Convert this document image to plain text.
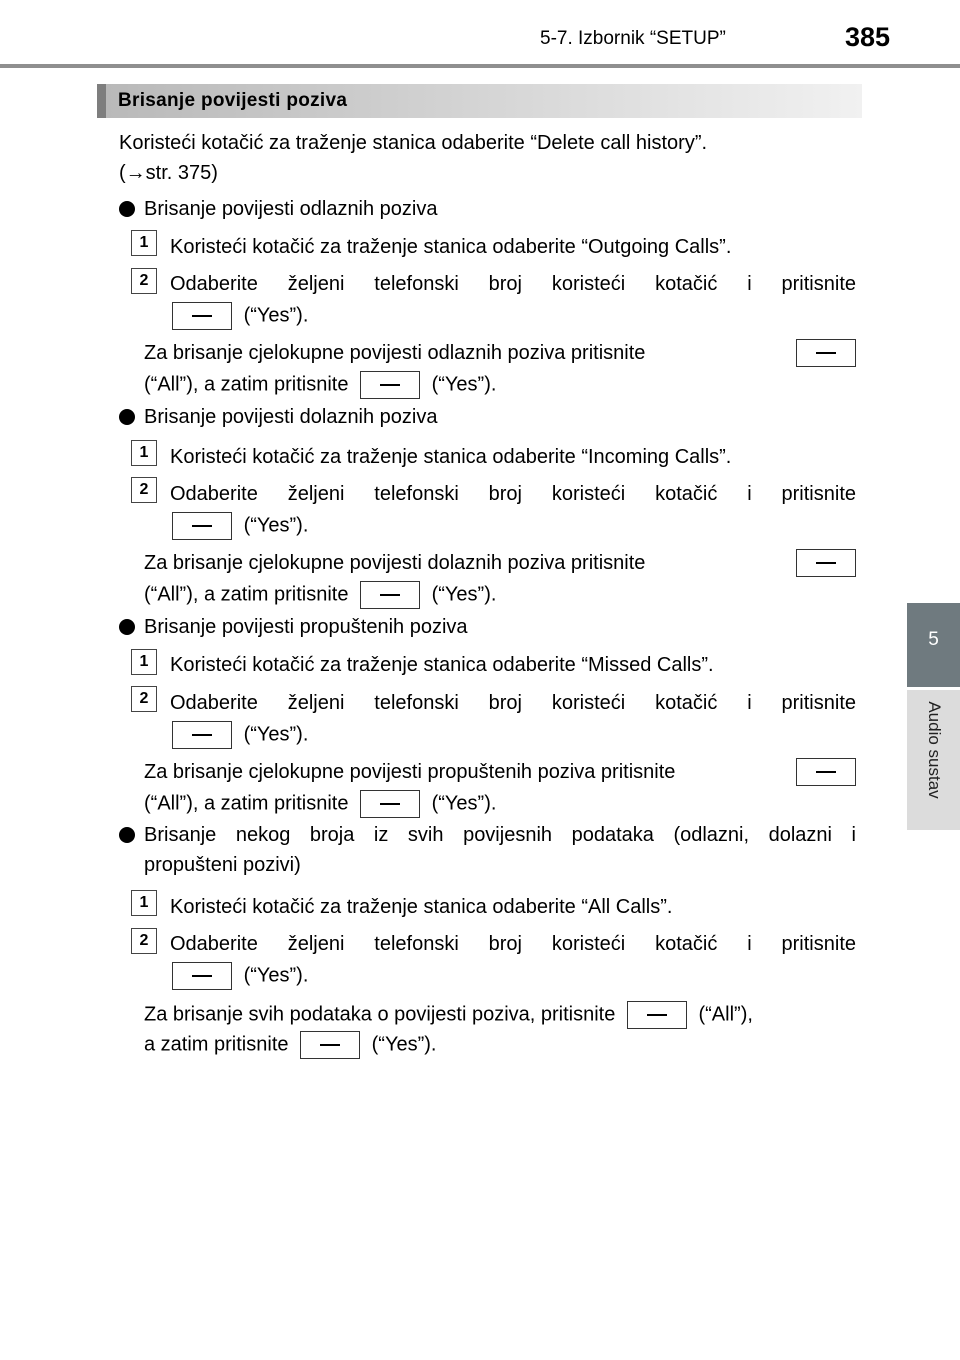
5-7. Izbornik “SETUP”	385
5
Audio sustav
Brisanje povijesti poziva
Koristeći kotačić za traženje stanica odaberite “Delete call history”.
(→str. 375)
Brisanje povijesti odlaznih poziva
1	Koristeći kotačić za traženje stanica odaberite “Outgoing Calls”.
2	Odaberite željeni telefonski broj koristeći kotačić i pritisnite
(“Yes”).
Za brisanje cjelokupne povijesti odlaznih poziva pritisnite
(“All”), a zatim pritisnite	(“Yes”).
Brisanje povijesti dolaznih poziva
1	Koristeći kotačić za traženje stanica odaberite “Incoming Calls”.
2	Odaberite željeni telefonski broj koristeći kotačić i pritisnite
(“Yes”).
Za brisanje cjelokupne povijesti dolaznih poziva pritisnite
(“All”), a zatim pritisnite	(“Yes”).
Brisanje povijesti propuštenih poziva
1	Koristeći kotačić za traženje stanica odaberite “Missed Calls”.
2	Odaberite željeni telefonski broj koristeći kotačić i pritisnite
(“Yes”).
Za brisanje cjelokupne povijesti propuštenih poziva pritisnite
(“All”), a zatim pritisnite	(“Yes”).
Brisanje nekog broja iz svih povijesnih podataka (odlazni, dolazni i
propušteni pozivi)
1	Koristeći kotačić za traženje stanica odaberite “All Calls”.
2	Odaberite željeni telefonski broj koristeći kotačić i pritisnite
(“Yes”).
Za brisanje svih podataka o povijesti poziva, pritisnite	(“All”),
a zatim pritisnite	(“Yes”).
